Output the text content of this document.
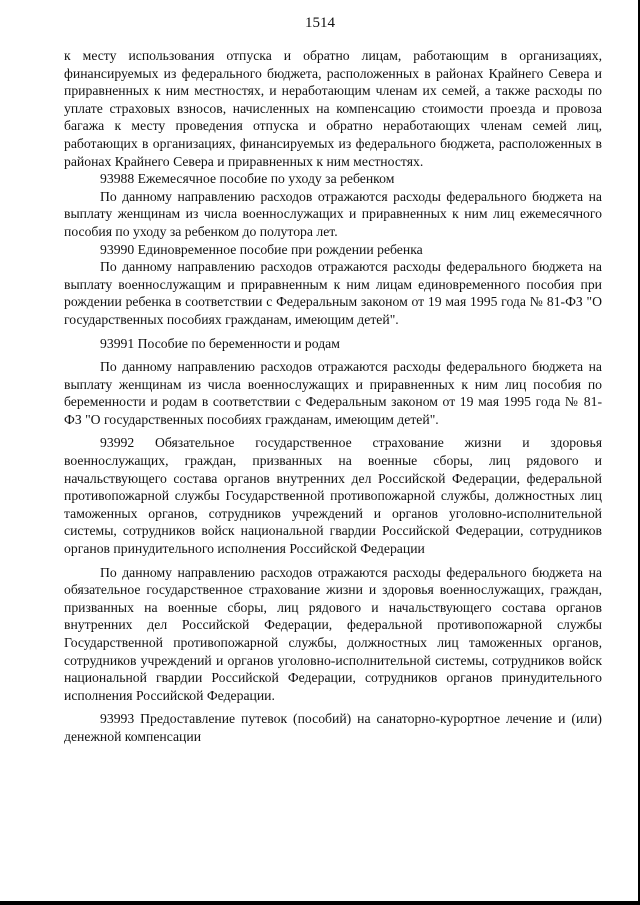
1514

к месту использования отпуска и обратно лицам, работающим в организациях, финансируемых из федерального бюджета, расположенных в районах Крайнего Севера и приравненных к ним местностях, и неработающим членам их семей, а также расходы по уплате страховых взносов, начисленных на компенсацию стоимости проезда и провоза багажа к месту проведения отпуска и обратно неработающих членам семей лиц, работающих в организациях, финансируемых из федерального бюджета, расположенных в районах Крайнего Севера и приравненных к ним местностях.

93988 Ежемесячное пособие по уходу за ребенком

По данному направлению расходов отражаются расходы федерального бюджета на выплату женщинам из числа военнослужащих и приравненных к ним лиц ежемесячного пособия по уходу за ребенком до полутора лет.

93990 Единовременное пособие при рождении ребенка

По данному направлению расходов отражаются расходы федерального бюджета на выплату военнослужащим и приравненным к ним лицам единовременного пособия при рождении ребенка в соответствии с Федеральным законом от 19 мая 1995 года № 81-ФЗ "О государственных пособиях гражданам, имеющим детей".

93991 Пособие по беременности и родам

По данному направлению расходов отражаются расходы федерального бюджета на выплату женщинам из числа военнослужащих и приравненных к ним лиц пособия по беременности и родам в соответствии с Федеральным законом от 19 мая 1995 года № 81-ФЗ "О государственных пособиях гражданам, имеющим детей".

93992 Обязательное государственное страхование жизни и здоровья военнослужащих, граждан, призванных на военные сборы, лиц рядового и начальствующего состава органов внутренних дел Российской Федерации, федеральной противопожарной службы Государственной противопожарной службы, должностных лиц таможенных органов, сотрудников учреждений и органов уголовно-исполнительной системы, сотрудников войск национальной гвардии Российской Федерации, сотрудников органов принудительного исполнения Российской Федерации

По данному направлению расходов отражаются расходы федерального бюджета на обязательное государственное страхование жизни и здоровья военнослужащих, граждан, призванных на военные сборы, лиц рядового и начальствующего состава органов внутренних дел Российской Федерации, федеральной противопожарной службы Государственной противопожарной службы, должностных лиц таможенных органов, сотрудников учреждений и органов уголовно-исполнительной системы, сотрудников войск национальной гвардии Российской Федерации, сотрудников органов принудительного исполнения Российской Федерации.

93993 Предоставление путевок (пособий) на санаторно-курортное лечение и (или) денежной компенсации
